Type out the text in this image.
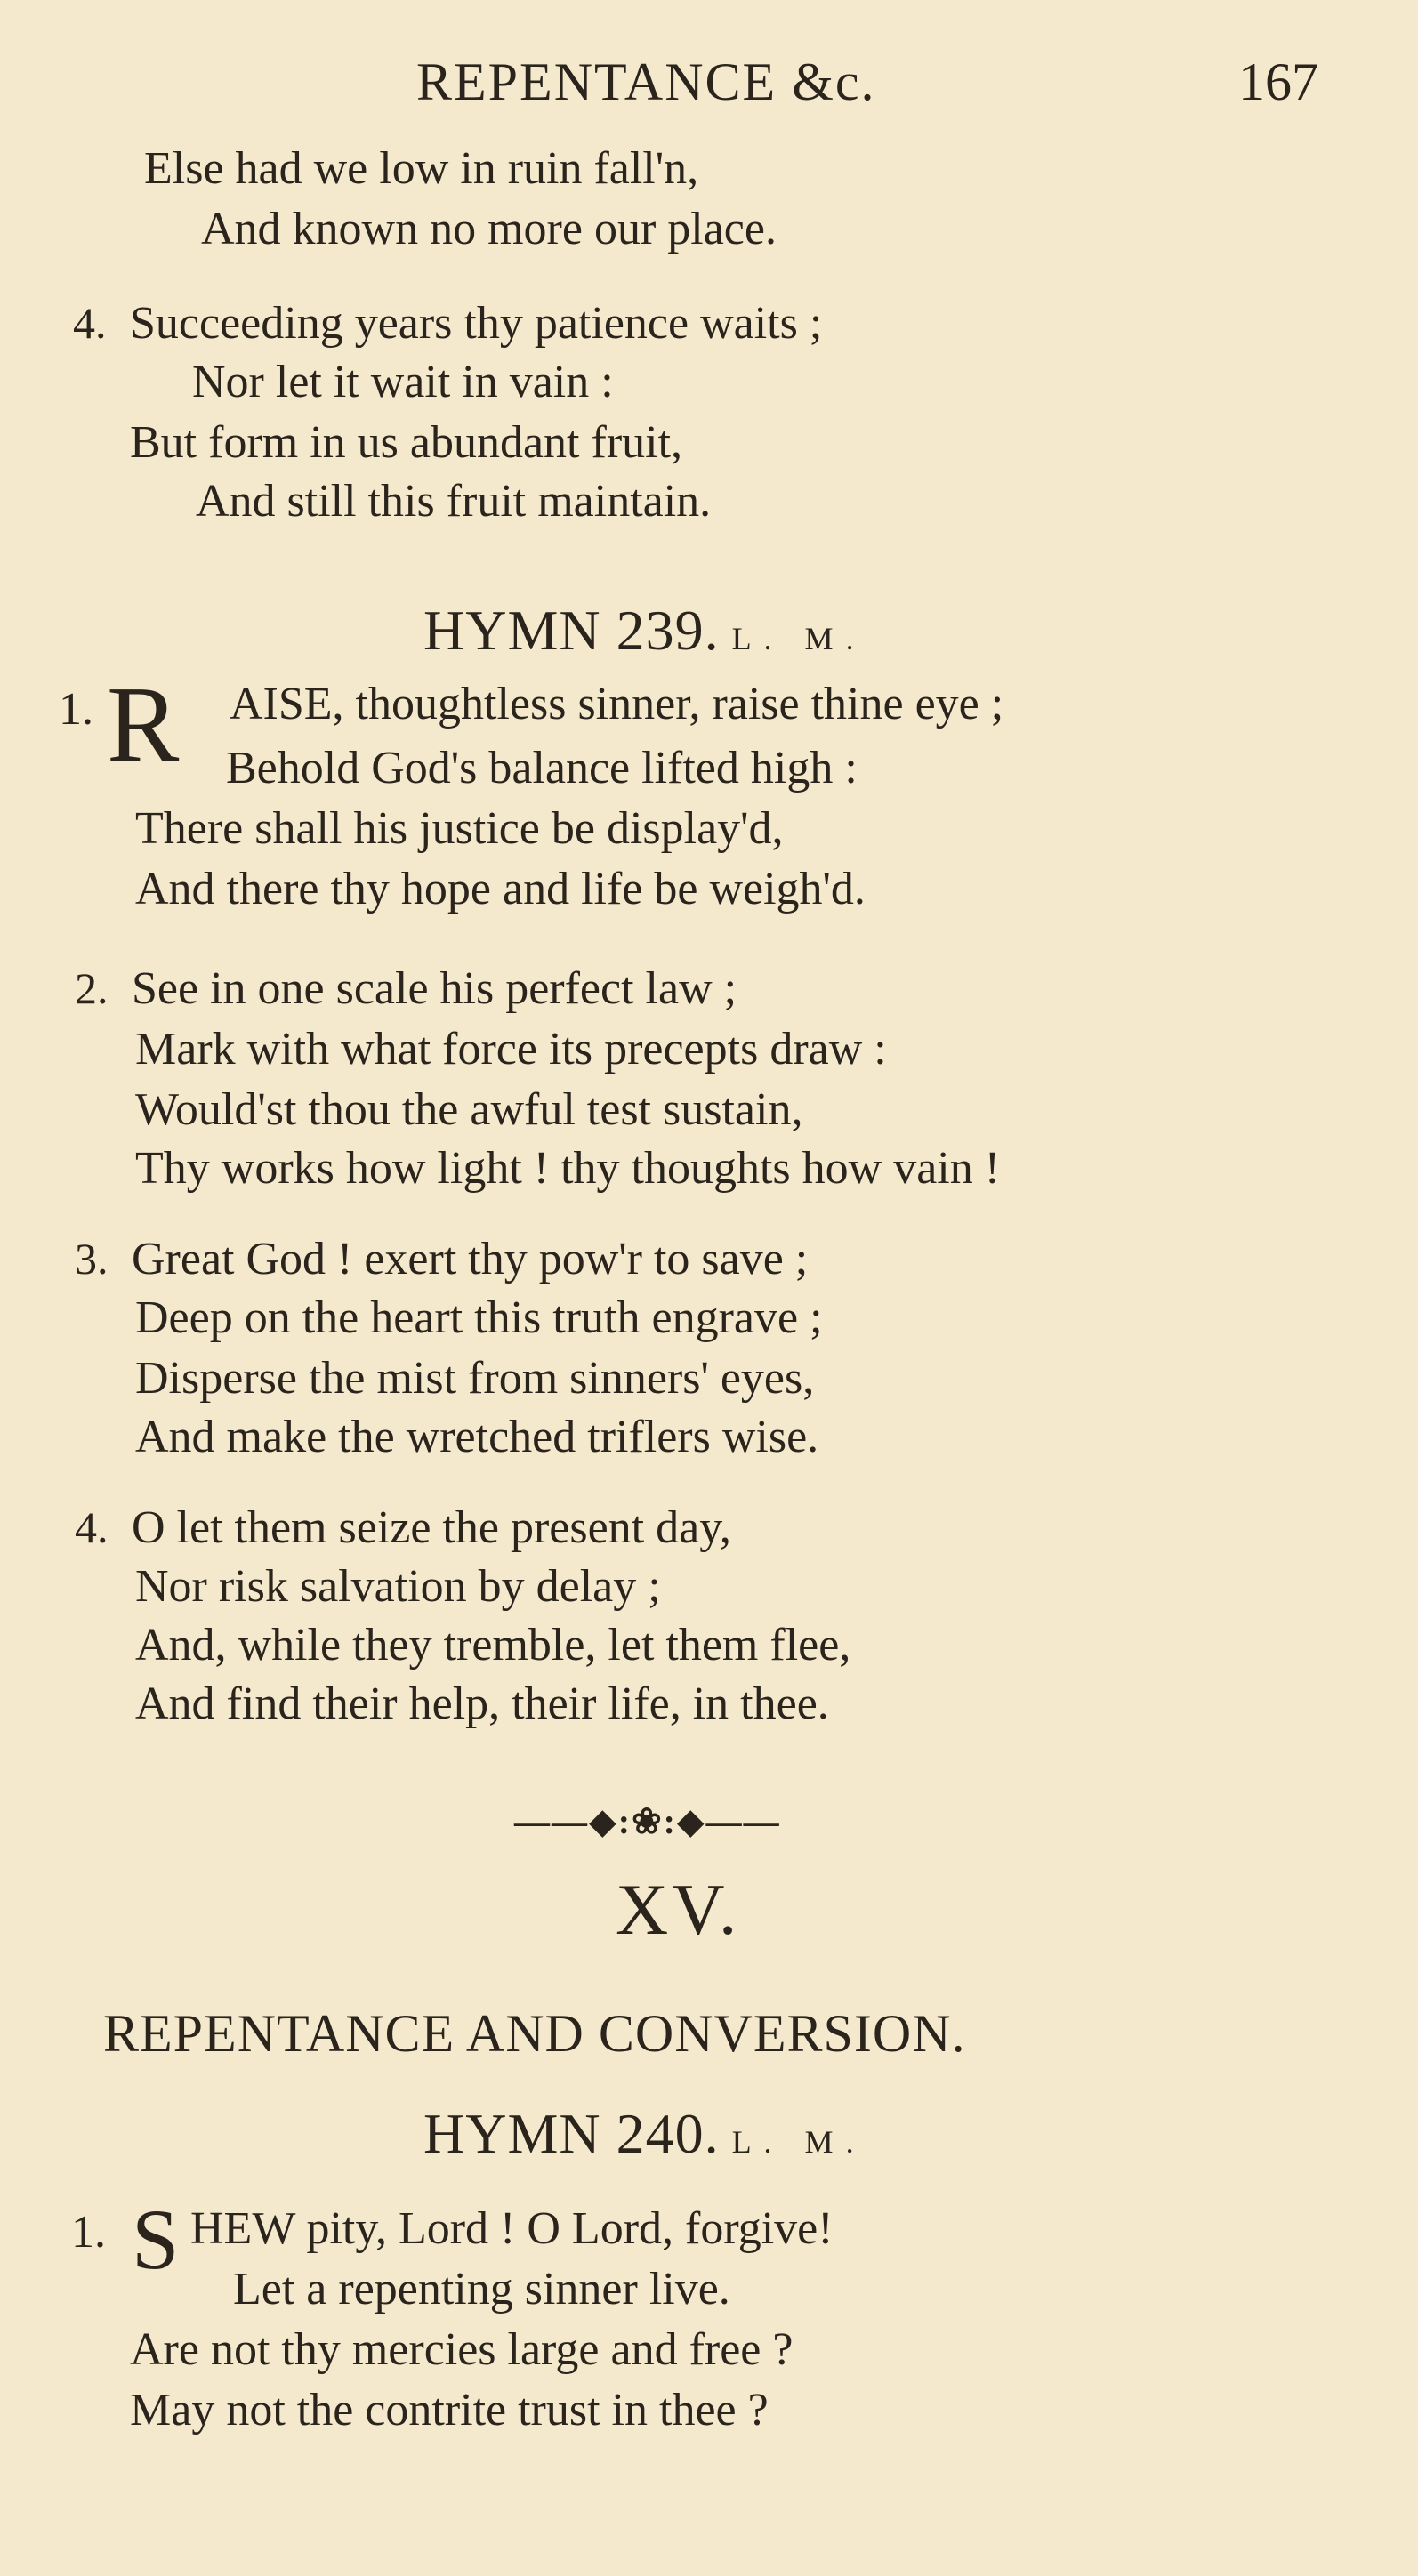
REPENTANCE &c.	167
Else had we low in ruin fall'n,
And known no more our place.
4. Succeeding years thy patience waits ;
Nor let it wait in vain :
But form in us abundant fruit,
And still this fruit maintain.
HYMN 239. L. M.
1. R AISE, thoughtless sinner, raise thine eye ;
Behold God's balance lifted high :
There shall his justice be display'd,
And there thy hope and life be weigh'd.
2. See in one scale his perfect law ;
Mark with what force its precepts draw :
Would'st thou the awful test sustain,
Thy works how light ! thy thoughts how vain !
3. Great God ! exert thy pow'r to save ;
Deep on the heart this truth engrave ;
Disperse the mist from sinners' eyes,
And make the wretched triflers wise.
4. O let them seize the present day,
Nor risk salvation by delay ;
And, while they tremble, let them flee,
And find their help, their life, in thee.
——◆:❀:◆——
XV.
REPENTANCE AND CONVERSION.
HYMN 240. L. M.
1. S HEW pity, Lord ! O Lord, forgive!
Let a repenting sinner live.
Are not thy mercies large and free ?
May not the contrite trust in thee ?
